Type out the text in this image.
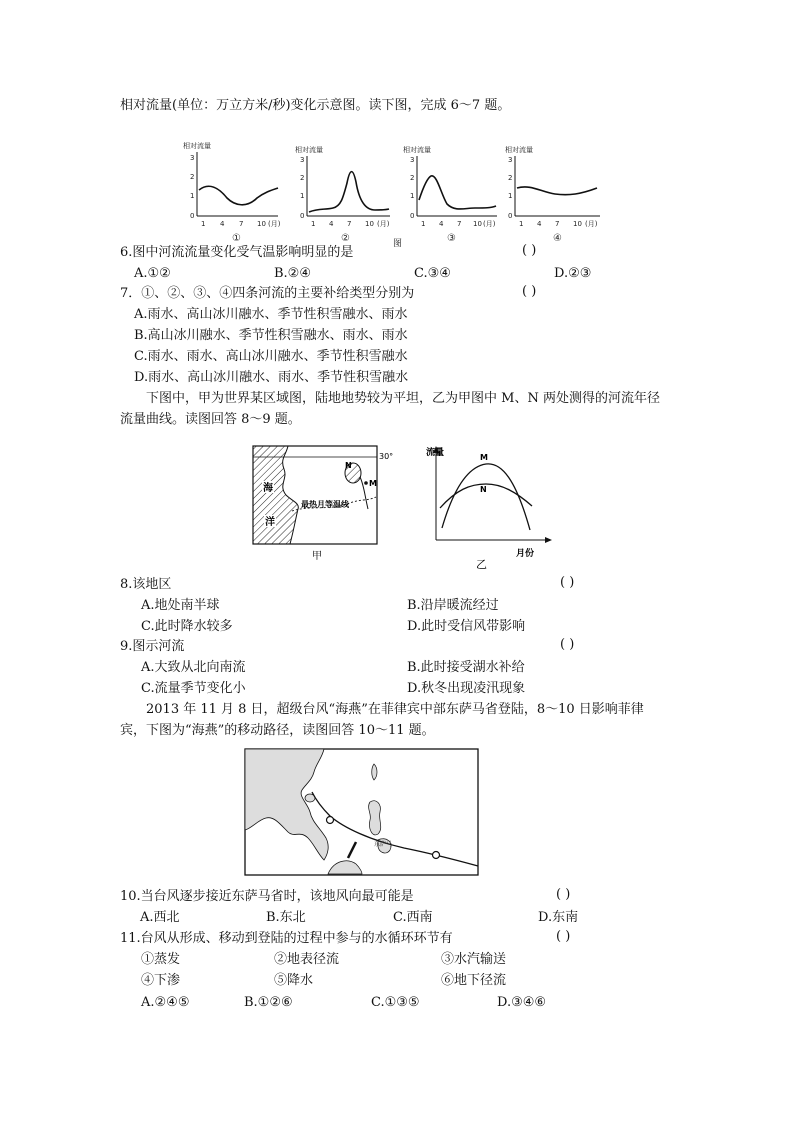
相对流量(单位：万立方米/秒)变化示意图。读下图，完成 6～7 题。
相对流量
3
2
1
0
1 4 7 10 (月)
①
相对流量
3
2
1
0
1 4 7 10 (月)
②
相对流量
3
2
1
0
1 4 7 10 (月)
③
相对流量
3
2
1
0
1 4 7 10 (月)
④
图
6.图中河流流量变化受气温影响明显的是	( )
A.①②	B.②④	C.③④	D.②③
7．①、②、③、④四条河流的主要补给类型分别为	( )
A.雨水、高山冰川融水、季节性积雪融水、雨水
B.高山冰川融水、季节性积雪融水、雨水、雨水
C.雨水、雨水、高山冰川融水、季节性积雪融水
D.雨水、高山冰川融水、雨水、季节性积雪融水
下图中，甲为世界某区域图，陆地地势较为平坦，乙为甲图中 M、N 两处测得的河流年径
流量曲线。读图回答 8～9 题。
30°
N
M
最热月等温线
海
洋
甲
流量
月份
M
N
乙
8.该地区	( )
A.地处南半球	B.沿岸暖流经过
C.此时降水较多	D.此时受信风带影响
9.图示河流	( )
A.大致从北向南流	B.此时接受湖水补给
C.流量季节变化小	D.秋冬出现凌汛现象
2013 年 11 月 8 日，超级台风“海燕”在菲律宾中部东萨马省登陆，8～10 日影响菲律
宾，下图为“海燕”的移动路径，读图回答 10～11 题。
东萨马
10.当台风逐步接近东萨马省时，该地风向最可能是	( )
A.西北	B.东北	C.西南	D.东南
11.台风从形成、移动到登陆的过程中参与的水循环环节有	( )
①蒸发	②地表径流	③水汽输送
④下渗	⑤降水	⑥地下径流
A.②④⑤	B.①②⑥	C.①③⑤	D.③④⑥
